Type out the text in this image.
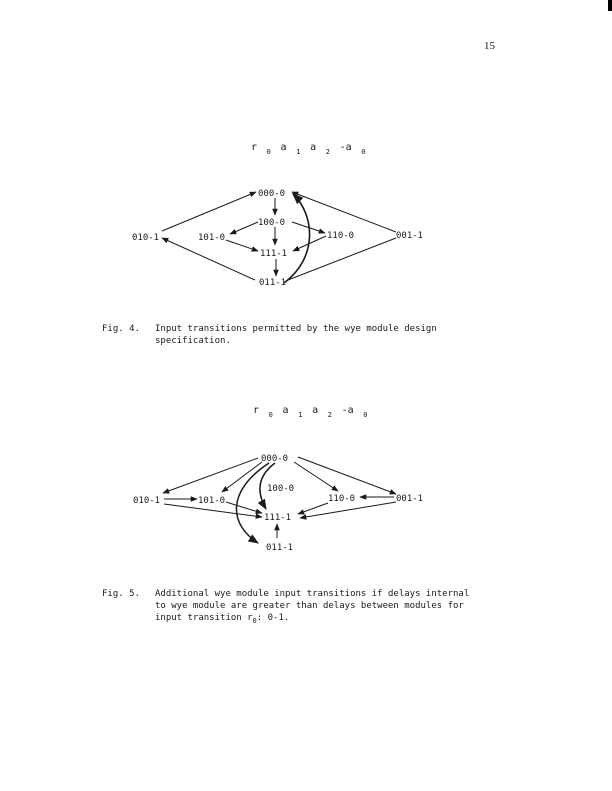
15
r $_0$ $^a$ $_1$ $^a$ $_2$ $^{-a}$ $_0$
000-0
100-0
010-1	101-0	110-0	001-1
111-1
011-1
r $_0$ $^a$ $_1$ $^a$ $_2$ $^{-a}$ $_0$
000-0
100-0
010-1	101-0	110-0	001-1
111-1
011-1
Fig. 4. Input transitions permitted by the wye module design
specification.
Fig. 5. Additional wye module input transitions if delays internal
to wye module are greater than delays between modules for
input transition $r_0$: 0-1.
